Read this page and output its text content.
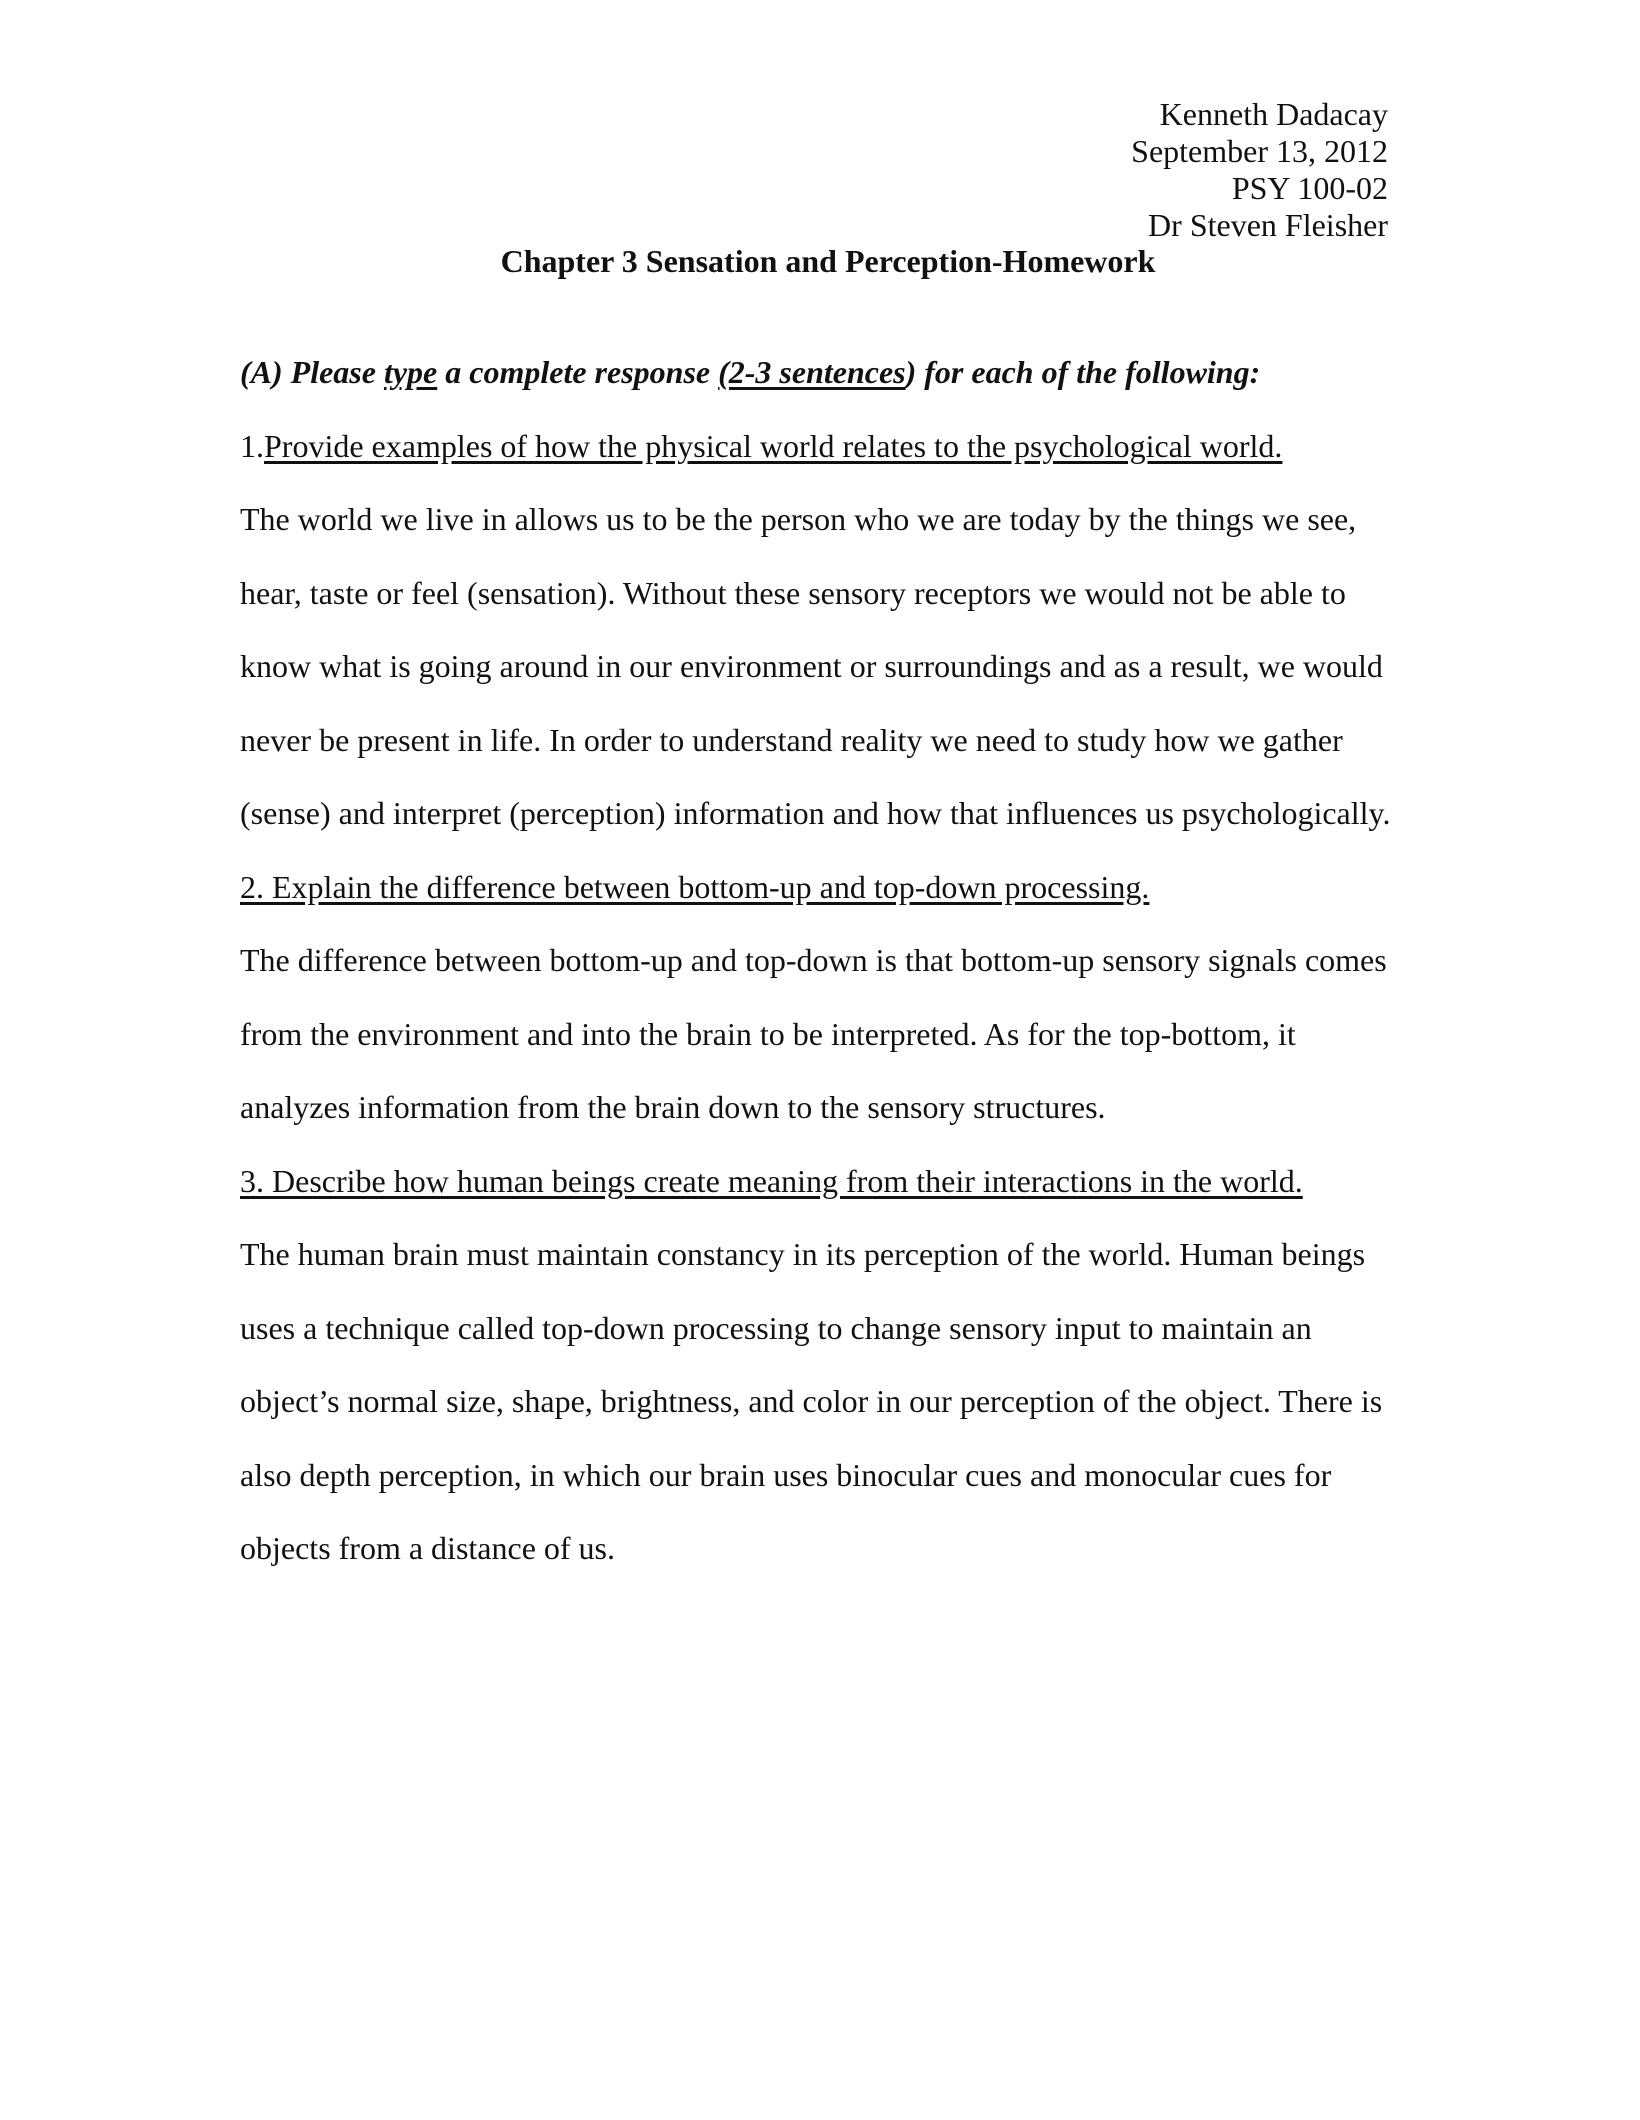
Kenneth Dadacay
September 13, 2012
PSY 100-02
Dr Steven Fleisher
Chapter 3 Sensation and Perception-Homework
(A) Please type a complete response (2-3 sentences) for each of the following:
1.Provide examples of how the physical world relates to the psychological world.
The world we live in allows us to be the person who we are today by the things we see,
hear, taste or feel (sensation). Without these sensory receptors we would not be able to
know what is going around in our environment or surroundings and as a result, we would
never be present in life. In order to understand reality we need to study how we gather
(sense) and interpret (perception) information and how that influences us psychologically.
2. Explain the difference between bottom-up and top-down processing.
The difference between bottom-up and top-down is that bottom-up sensory signals comes
from the environment and into the brain to be interpreted. As for the top-bottom, it
analyzes information from the brain down to the sensory structures.
3. Describe how human beings create meaning from their interactions in the world.
The human brain must maintain constancy in its perception of the world. Human beings
uses a technique called top-down processing to change sensory input to maintain an
object’s normal size, shape, brightness, and color in our perception of the object. There is
also depth perception, in which our brain uses binocular cues and monocular cues for
objects from a distance of us.
